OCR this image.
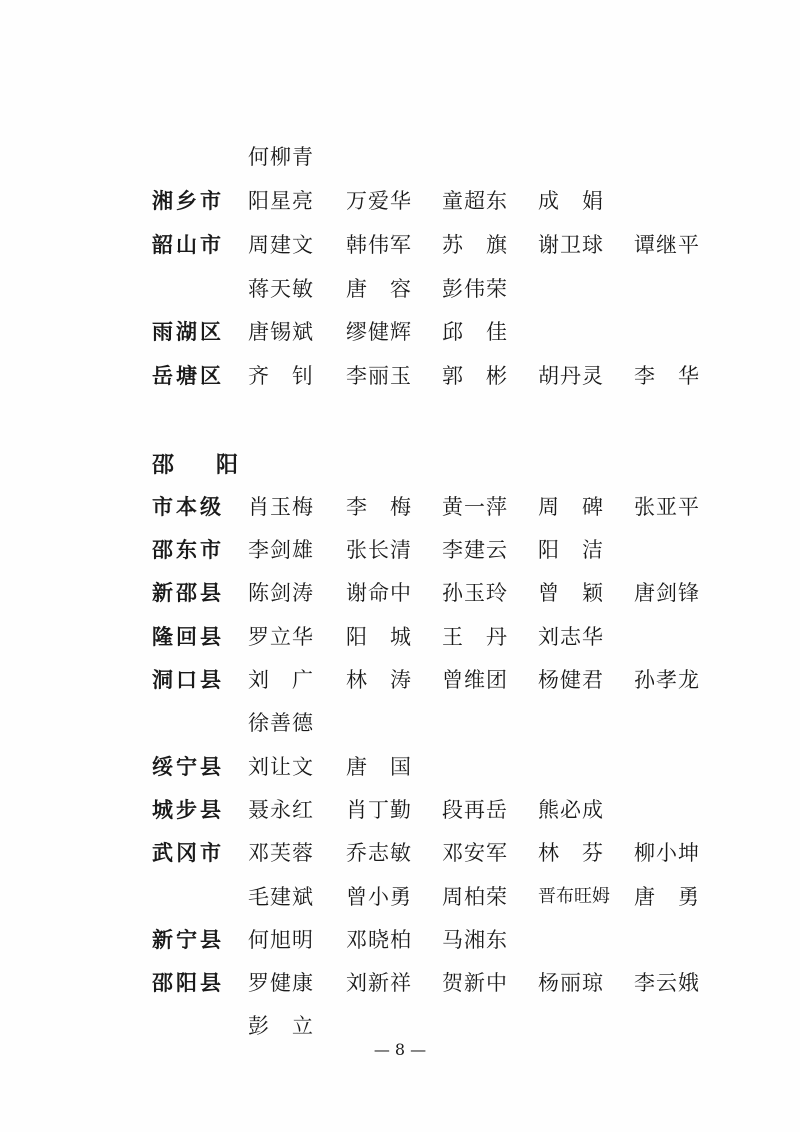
何柳青
湘乡市 阳星亮 万爱华 童超东 成　娟
韶山市 周建文 韩伟军 苏　旗 谢卫球 谭继平
蒋天敏 唐　容 彭伟荣
雨湖区 唐锡斌 缪健辉 邱　佳
岳塘区 齐　钊 李丽玉 郭　彬 胡丹灵 李　华
邵　阳
市本级 肖玉梅 李　梅 黄一萍 周　碑 张亚平
邵东市 李剑雄 张长清 李建云 阳　洁
新邵县 陈剑涛 谢命中 孙玉玲 曾　颖 唐剑锋
隆回县 罗立华 阳　城 王　丹 刘志华
洞口县 刘　广 林　涛 曾维团 杨健君 孙孝龙
徐善德
绥宁县 刘让文 唐　国
城步县 聂永红 肖丁勤 段再岳 熊必成
武冈市 邓芙蓉 乔志敏 邓安军 林　芬 柳小坤
毛建斌 曾小勇 周柏荣 晋布旺姆 唐　勇
新宁县 何旭明 邓晓柏 马湘东
邵阳县 罗健康 刘新祥 贺新中 杨丽琼 李云娥
彭　立
— 8 —
